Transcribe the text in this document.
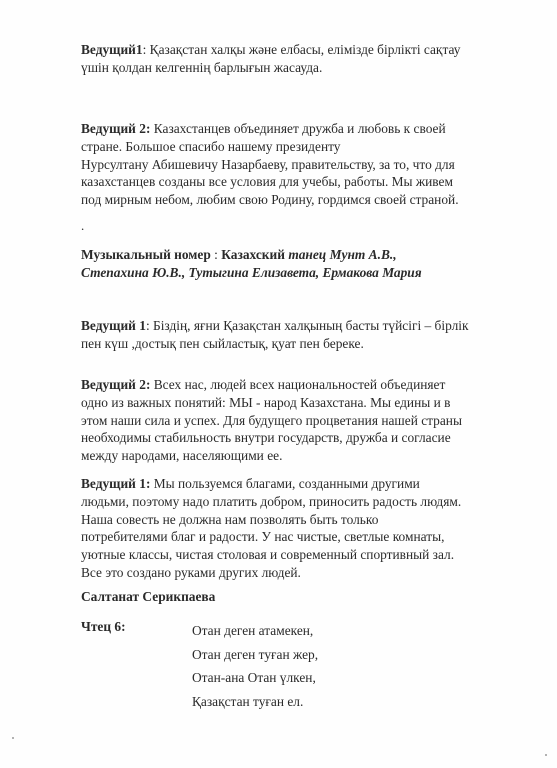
Ведущий1: Қазақстан халқы және елбасы, елімізде бірлікті сақтау
үшін қолдан келгеннің барлығын жасауда.
Ведущий 2: Казахстанцев объединяет дружба и любовь к своей
стране. Большое спасибо нашему президенту
Нурсултану Абишевичу Назарбаеву, правительству, за то, что для
казахстанцев созданы все условия для учебы, работы. Мы живем
под мирным небом, любим свою Родину, гордимся своей страной.
.
Музыкальный номер : Казахский танец Мунт А.В.,
Степахина Ю.В., Тутыгина Елизавета, Ермакова Мария
Ведущий 1: Біздің, яғни Қазақстан халқының басты түйсігі – бірлік
пен күш ,достық пен сыйластық, қуат пен береке.
Ведущий 2: Всех нас, людей всех национальностей объединяет
одно из важных понятий: МЫ - народ Казахстана. Мы едины и в
этом наши сила и успех. Для будущего процветания нашей страны
необходимы стабильность внутри государств, дружба и согласие
между народами, населяющими ее.
Ведущий 1: Мы пользуемся благами, созданными другими
людьми, поэтому надо платить добром, приносить радость людям.
Наша совесть не должна нам позволять быть только
потребителями благ и радости. У нас чистые, светлые комнаты,
уютные классы, чистая столовая и современный спортивный зал.
Все это создано руками других людей.
Салтанат Серикпаева
Чтец 6:	Отан деген атамекен,
Отан деген туған жер,
Отан-ана Отан үлкен,
Қазақстан туған ел.
